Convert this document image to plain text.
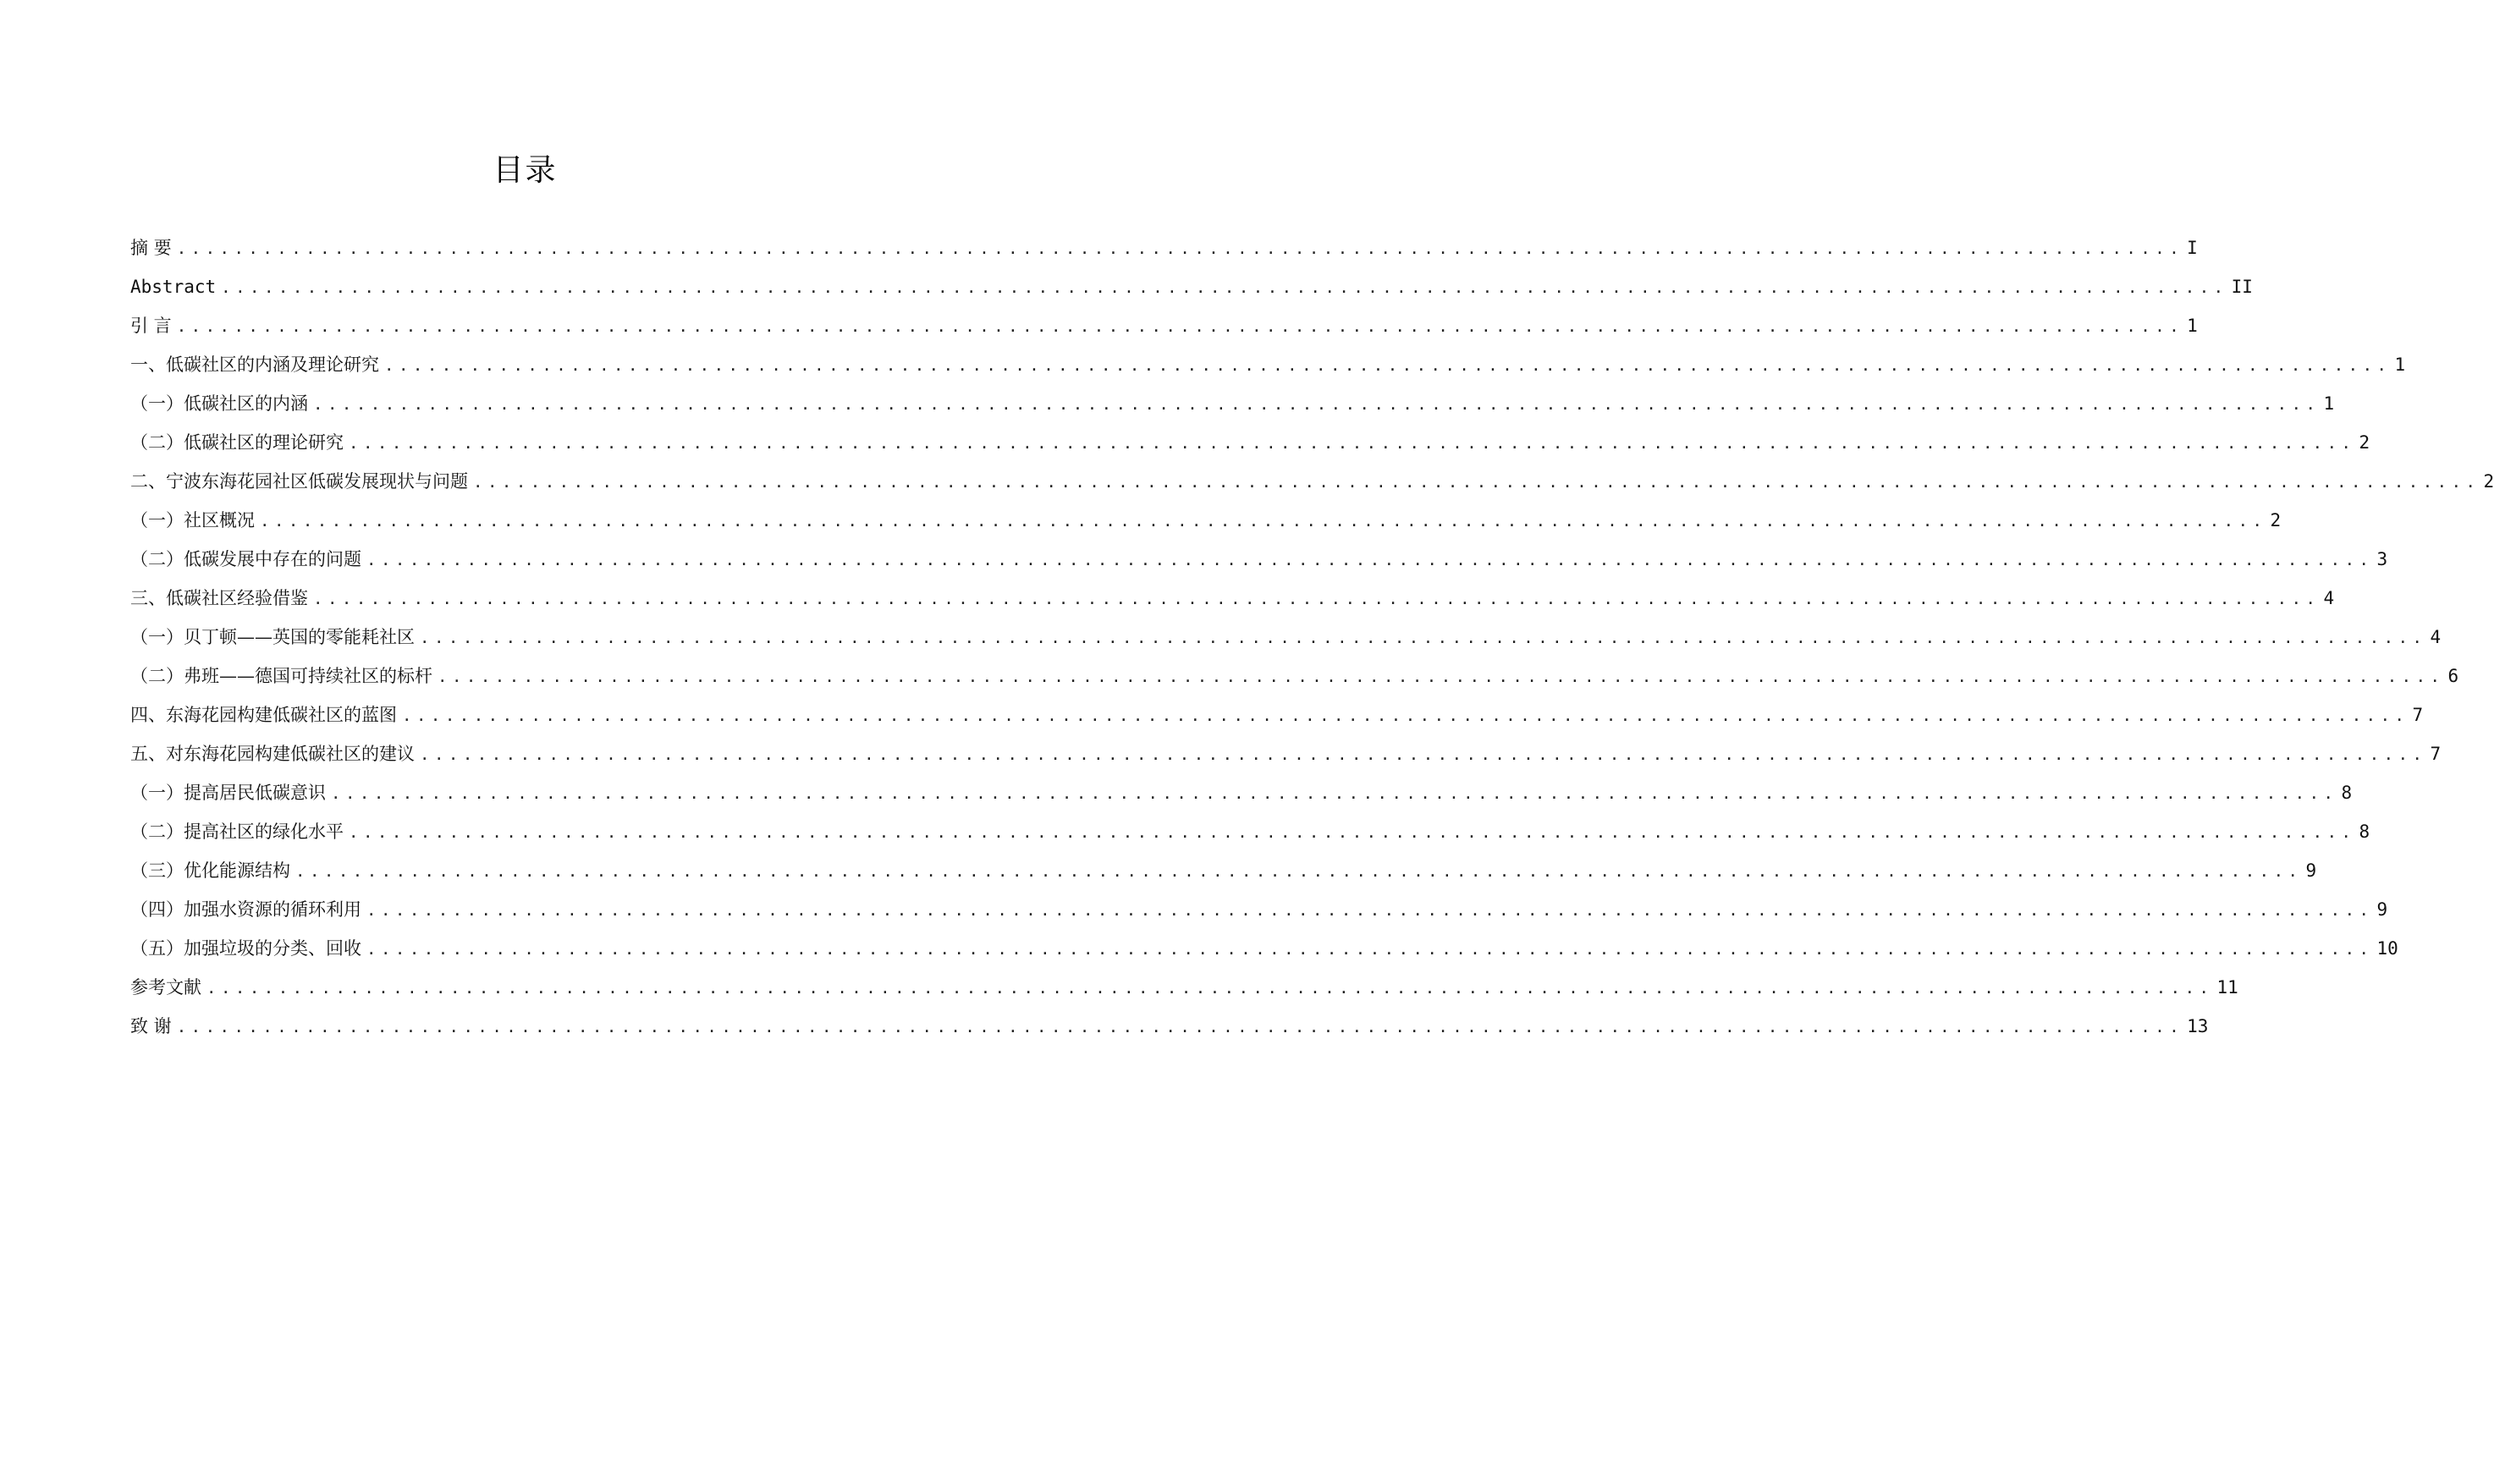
目录
摘 要 ............................................................................................................................................ I
Abstract ............................................................................................................................................ II
引 言 ............................................................................................................................................ 1
一、低碳社区的内涵及理论研究 ............................................................................................................................................ 1
（一）低碳社区的内涵 ............................................................................................................................................ 1
（二）低碳社区的理论研究 ............................................................................................................................................ 2
二、宁波东海花园社区低碳发展现状与问题 ............................................................................................................................................ 2
（一）社区概况 ............................................................................................................................................ 2
（二）低碳发展中存在的问题 ............................................................................................................................................ 3
三、低碳社区经验借鉴 ............................................................................................................................................ 4
（一）贝丁顿——英国的零能耗社区 ............................................................................................................................................ 4
（二）弗班——德国可持续社区的标杆 ............................................................................................................................................ 6
四、东海花园构建低碳社区的蓝图 ............................................................................................................................................ 7
五、对东海花园构建低碳社区的建议 ............................................................................................................................................ 7
（一）提高居民低碳意识 ............................................................................................................................................ 8
（二）提高社区的绿化水平 ............................................................................................................................................ 8
（三）优化能源结构 ............................................................................................................................................ 9
（四）加强水资源的循环利用 ............................................................................................................................................ 9
（五）加强垃圾的分类、回收 ............................................................................................................................................ 10
参考文献 ............................................................................................................................................ 11
致 谢 ............................................................................................................................................ 13
